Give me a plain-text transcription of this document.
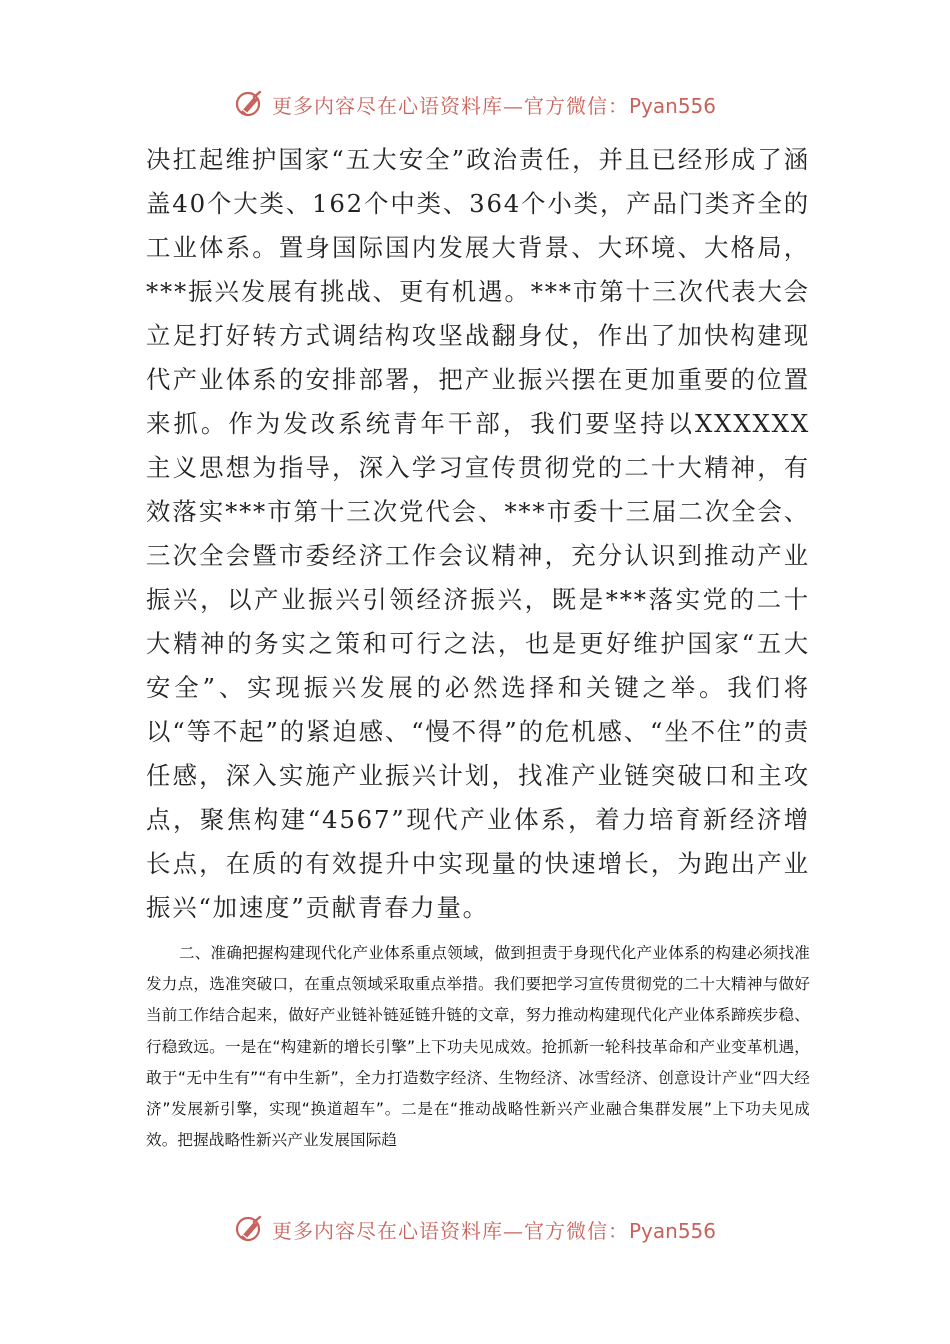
更多内容尽在心语资料库—官方微信：Pyan556

决扛起维护国家“五大安全”政治责任，并且已经形成了涵盖40个大类、162个中类、364个小类，产品门类齐全的工业体系。置身国际国内发展大背景、大环境、大格局，***振兴发展有挑战、更有机遇。***市第十三次代表大会立足打好转方式调结构攻坚战翻身仗，作出了加快构建现代产业体系的安排部署，把产业振兴摆在更加重要的位置来抓。作为发改系统青年干部，我们要坚持以XXXXXX主义思想为指导，深入学习宣传贯彻党的二十大精神，有效落实***市第十三次党代会、***市委十三届二次全会、三次全会暨市委经济工作会议精神，充分认识到推动产业振兴，以产业振兴引领经济振兴，既是***落实党的二十大精神的务实之策和可行之法，也是更好维护国家“五大安全”、实现振兴发展的必然选择和关键之举。我们将以“等不起”的紧迫感、“慢不得”的危机感、“坐不住”的责任感，深入实施产业振兴计划，找准产业链突破口和主攻点，聚焦构建“4567”现代产业体系，着力培育新经济增长点，在质的有效提升中实现量的快速增长，为跑出产业振兴“加速度”贡献青春力量。

二、准确把握构建现代化产业体系重点领域，做到担责于身现代化产业体系的构建必须找准发力点，选准突破口，在重点领域采取重点举措。我们要把学习宣传贯彻党的二十大精神与做好当前工作结合起来，做好产业链补链延链升链的文章，努力推动构建现代化产业体系蹄疾步稳、行稳致远。一是在“构建新的增长引擎”上下功夫见成效。抢抓新一轮科技革命和产业变革机遇，敢于“无中生有”“有中生新”，全力打造数字经济、生物经济、冰雪经济、创意设计产业“四大经济”发展新引擎，实现“换道超车”。二是在“推动战略性新兴产业融合集群发展”上下功夫见成效。把握战略性新兴产业发展国际趋

更多内容尽在心语资料库—官方微信：Pyan556
